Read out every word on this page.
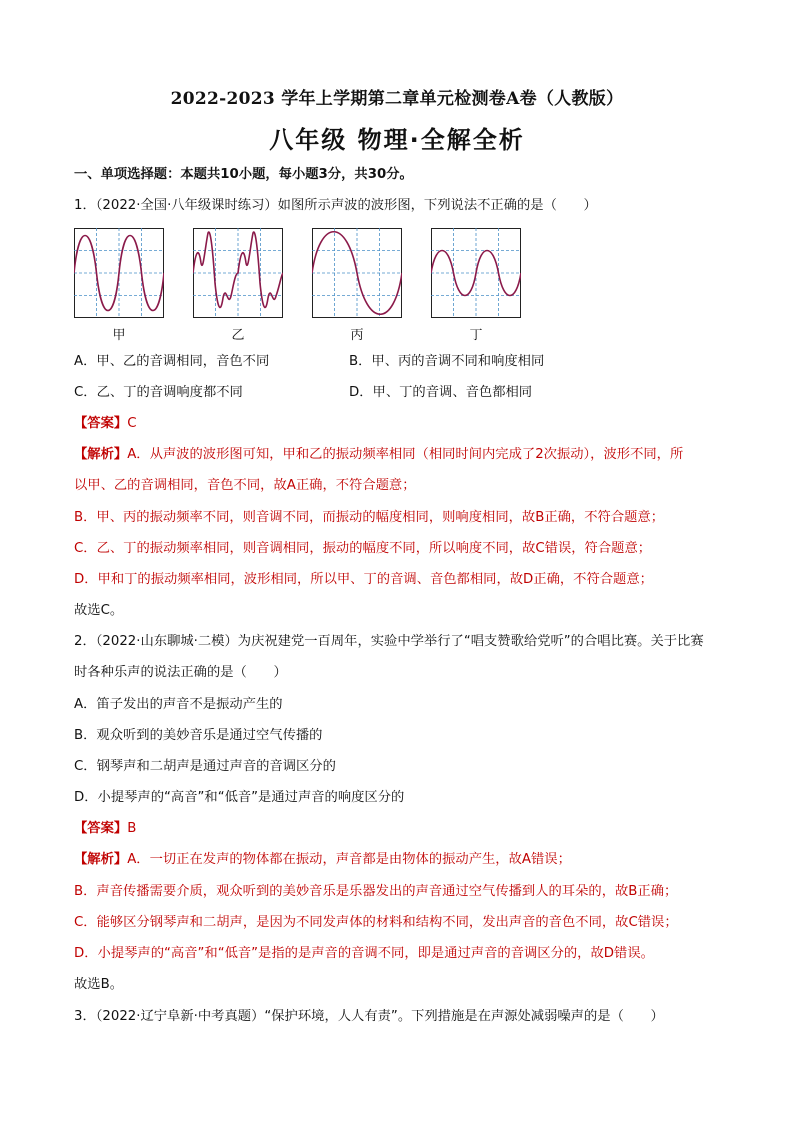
2022-2023 学年上学期第二章单元检测卷A卷（人教版）
八年级 物理·全解全析
一、单项选择题：本题共10小题，每小题3分，共30分。
1．（2022·全国·八年级课时练习）如图所示声波的波形图，下列说法不正确的是（　　）
甲	乙	丙	丁
A．甲、乙的音调相同，音色不同	B．甲、丙的音调不同和响度相同
C．乙、丁的音调响度都不同	D．甲、丁的音调、音色都相同
【答案】C
【解析】A．从声波的波形图可知，甲和乙的振动频率相同（相同时间内完成了2次振动），波形不同，所
以甲、乙的音调相同，音色不同，故A正确，不符合题意；
B．甲、丙的振动频率不同，则音调不同，而振动的幅度相同，则响度相同，故B正确，不符合题意；
C．乙、丁的振动频率相同，则音调相同，振动的幅度不同，所以响度不同，故C错误，符合题意；
D．甲和丁的振动频率相同，波形相同，所以甲、丁的音调、音色都相同，故D正确，不符合题意；
故选C。
2．（2022·山东聊城·二模）为庆祝建党一百周年，实验中学举行了“唱支赞歌给党听”的合唱比赛。关于比赛
时各种乐声的说法正确的是（　　）
A．笛子发出的声音不是振动产生的
B．观众听到的美妙音乐是通过空气传播的
C．钢琴声和二胡声是通过声音的音调区分的
D．小提琴声的“高音”和“低音”是通过声音的响度区分的
【答案】B
【解析】A．一切正在发声的物体都在振动，声音都是由物体的振动产生，故A错误；
B．声音传播需要介质，观众听到的美妙音乐是乐器发出的声音通过空气传播到人的耳朵的，故B正确；
C．能够区分钢琴声和二胡声，是因为不同发声体的材料和结构不同，发出声音的音色不同，故C错误；
D．小提琴声的“高音”和“低音”是指的是声音的音调不同，即是通过声音的音调区分的，故D错误。
故选B。
3．（2022·辽宁阜新·中考真题）“保护环境，人人有责”。下列措施是在声源处减弱噪声的是（　　）
